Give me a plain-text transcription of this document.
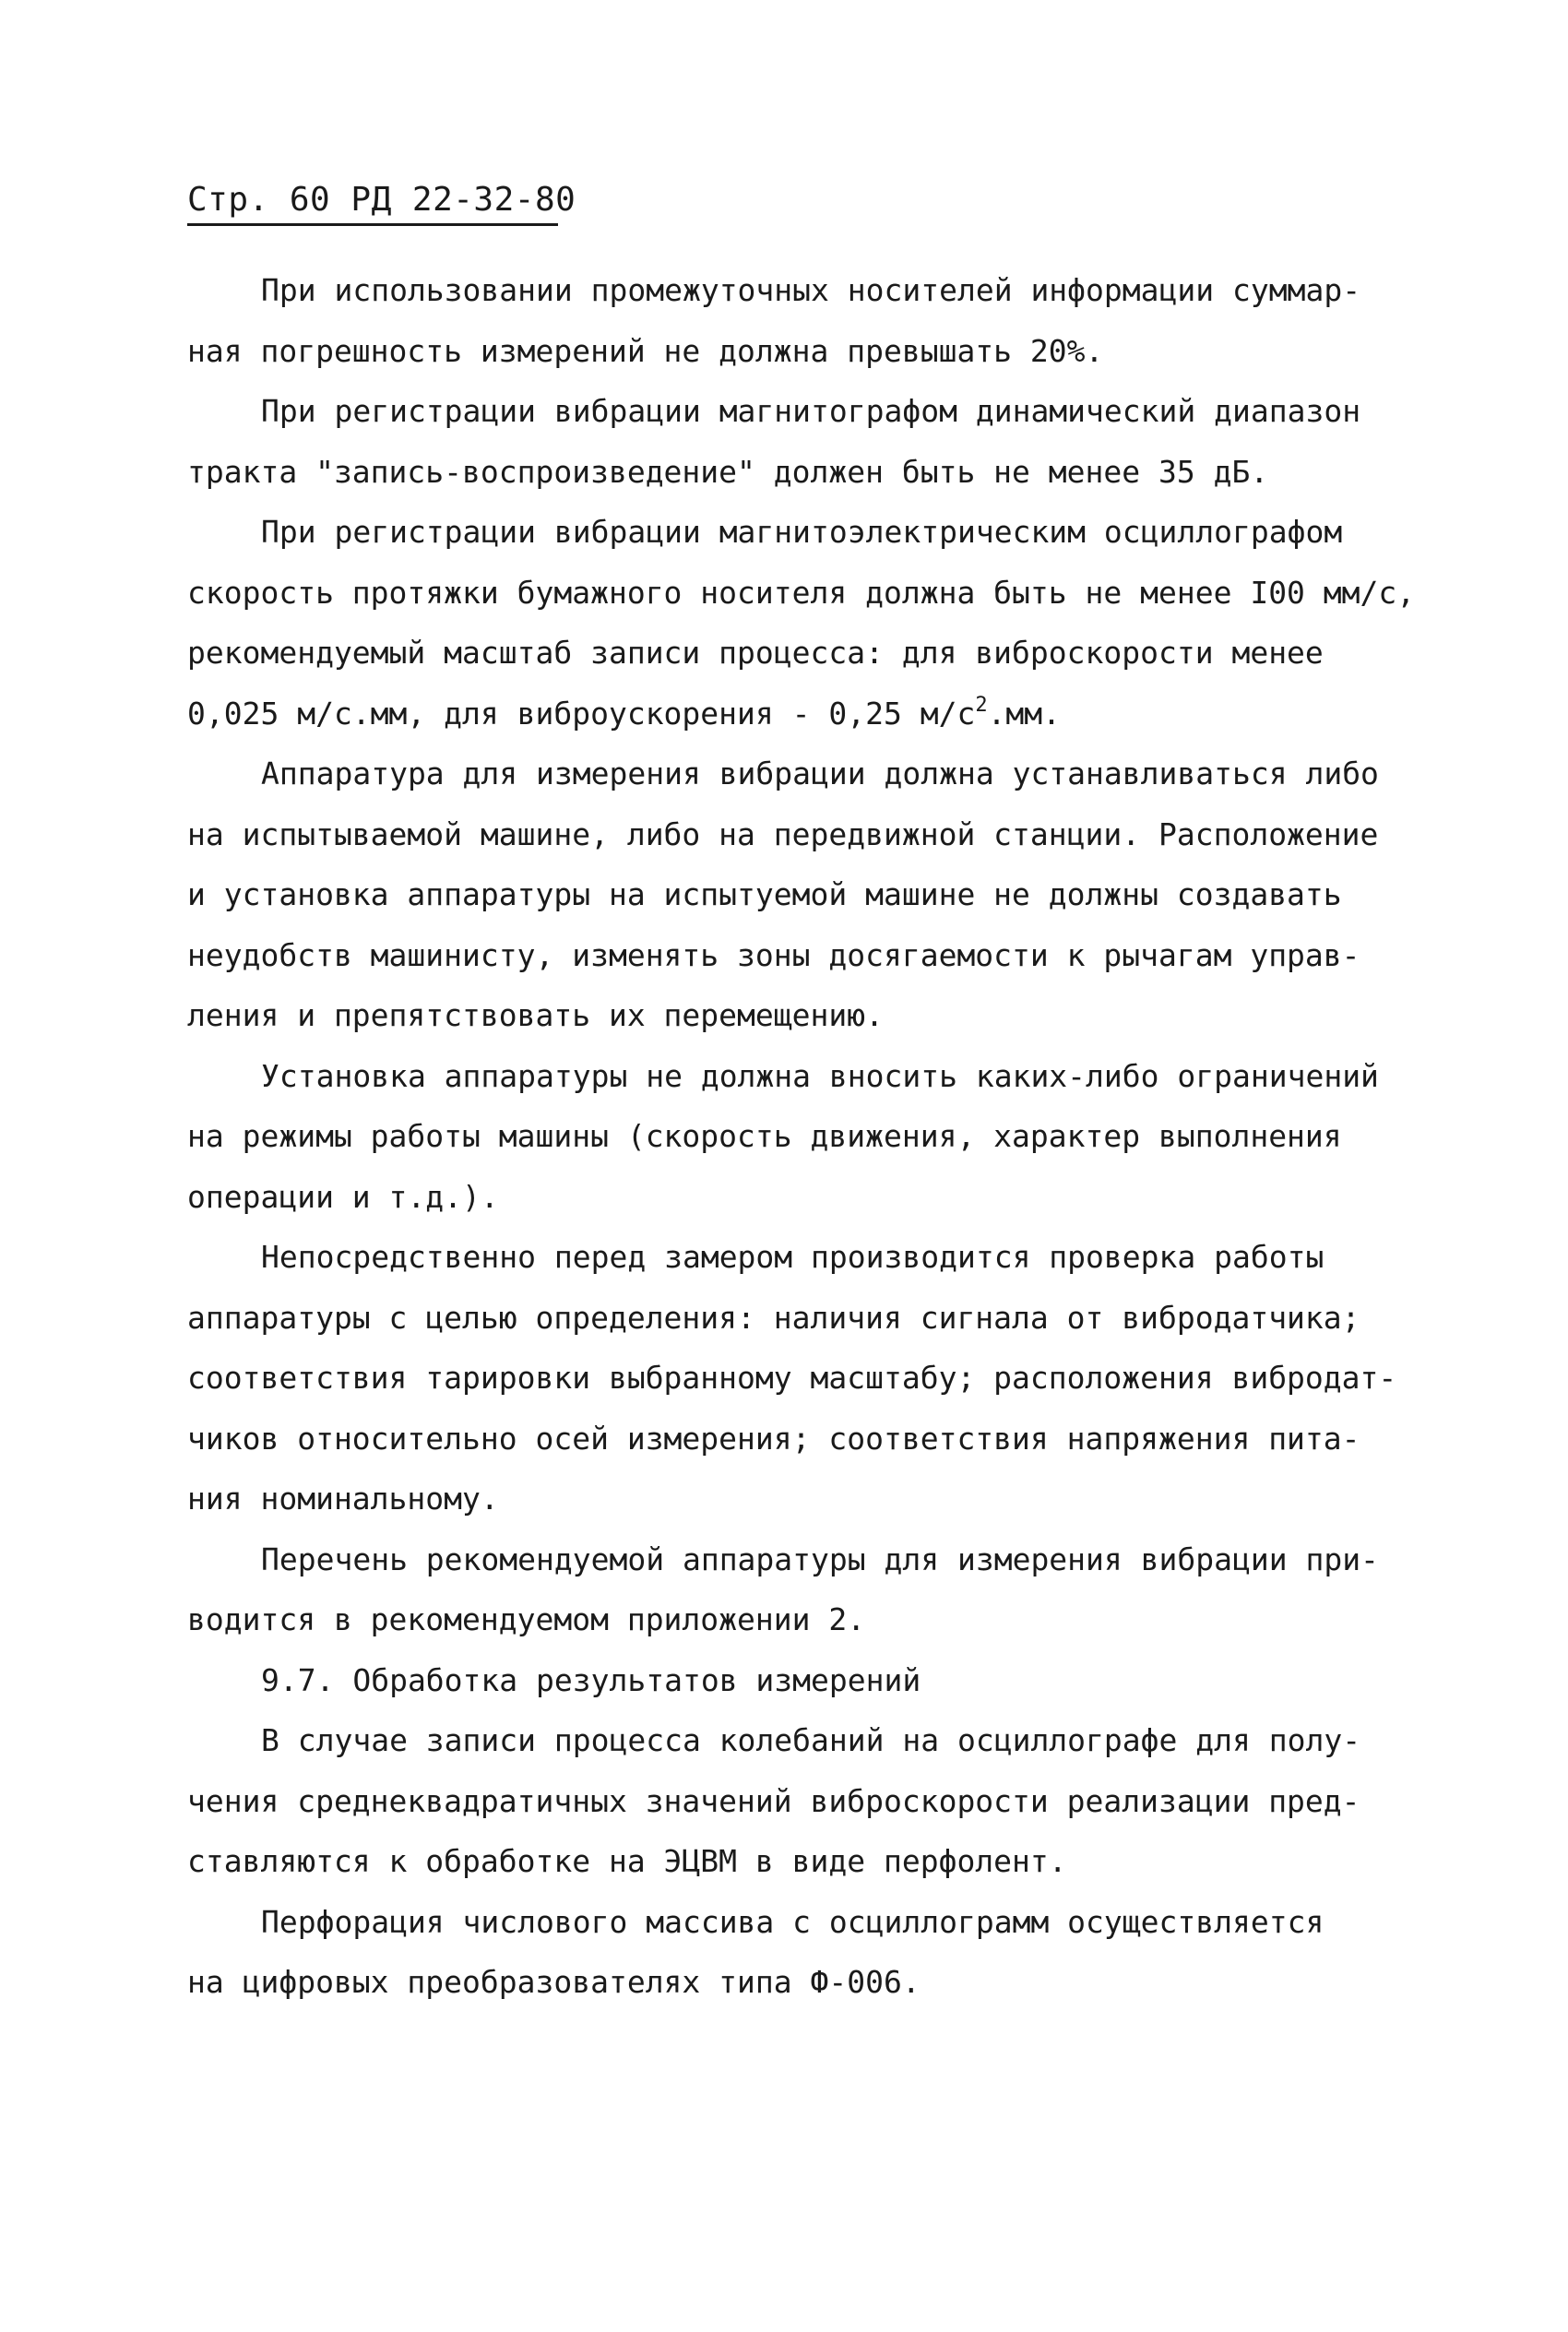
Стр. 60 РД 22-32-80
При использовании промежуточных носителей информации суммар-
ная погрешность измерений не должна превышать 20%.
При регистрации вибрации магнитографом динамический диапазон
тракта "запись-воспроизведение" должен быть не менее 35 дБ.
При регистрации вибрации магнитоэлектрическим осциллографом
скорость протяжки бумажного носителя должна быть не менее I00 мм/с,
рекомендуемый масштаб записи процесса: для виброскорости менее
0,025 м/с.мм, для виброускорения - 0,25 $м/с^2.мм$.
Аппаратура для измерения вибрации должна устанавливаться либо
на испытываемой машине, либо на передвижной станции. Расположение
и установка аппаратуры на испытуемой машине не должны создавать
неудобств машинисту, изменять зоны досягаемости к рычагам управ-
ления и препятствовать их перемещению.
Установка аппаратуры не должна вносить каких-либо ограничений
на режимы работы машины (скорость движения, характер выполнения
операции и т.д.).
Непосредственно перед замером производится проверка работы
аппаратуры с целью определения: наличия сигнала от вибродатчика;
соответствия тарировки выбранному масштабу; расположения вибродат-
чиков относительно осей измерения; соответствия напряжения пита-
ния номинальному.
Перечень рекомендуемой аппаратуры для измерения вибрации при-
водится в рекомендуемом приложении 2.
9.7. Обработка результатов измерений
В случае записи процесса колебаний на осциллографе для полу-
чения среднеквадратичных значений виброскорости реализации пред-
ставляются к обработке на ЭЦВМ в виде перфолент.
Перфорация числового массива с осциллограмм осуществляется
на цифровых преобразователях типа Ф-006.
